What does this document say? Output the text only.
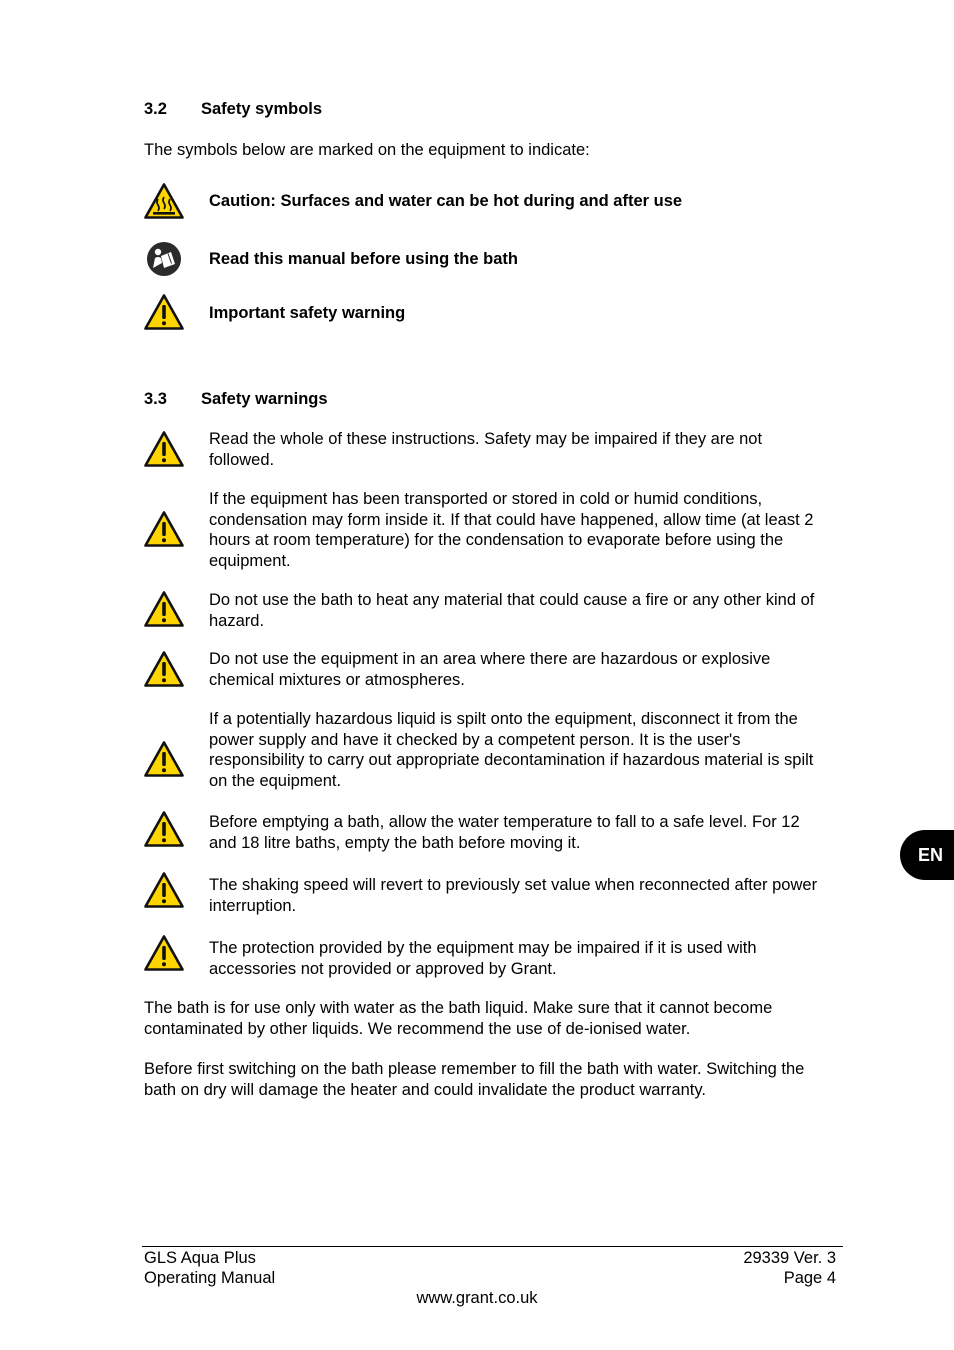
3.2 Safety symbols
The symbols below are marked on the equipment to indicate:
Caution: Surfaces and water can be hot during and after use
Read this manual before using the bath
Important safety warning
3.3 Safety warnings
Read the whole of these instructions. Safety may be impaired if they are not followed.
If the equipment has been transported or stored in cold or humid conditions, condensation may form inside it. If that could have happened, allow time (at least 2 hours at room temperature) for the condensation to evaporate before using the equipment.
Do not use the bath to heat any material that could cause a fire or any other kind of hazard.
Do not use the equipment in an area where there are hazardous or explosive chemical mixtures or atmospheres.
If a potentially hazardous liquid is spilt onto the equipment, disconnect it from the power supply and have it checked by a competent person. It is the user's responsibility to carry out appropriate decontamination if hazardous material is spilt on the equipment.
Before emptying a bath, allow the water temperature to fall to a safe level. For 12 and 18 litre baths, empty the bath before moving it.
The shaking speed will revert to previously set value when reconnected after power interruption.
The protection provided by the equipment may be impaired if it is used with accessories not provided or approved by Grant.
The bath is for use only with water as the bath liquid. Make sure that it cannot become contaminated by other liquids. We recommend the use of de-ionised water.
Before first switching on the bath please remember to fill the bath with water. Switching the bath on dry will damage the heater and could invalidate the product warranty.
EN
GLS Aqua Plus
Operating Manual
29339 Ver. 3
Page 4
www.grant.co.uk
